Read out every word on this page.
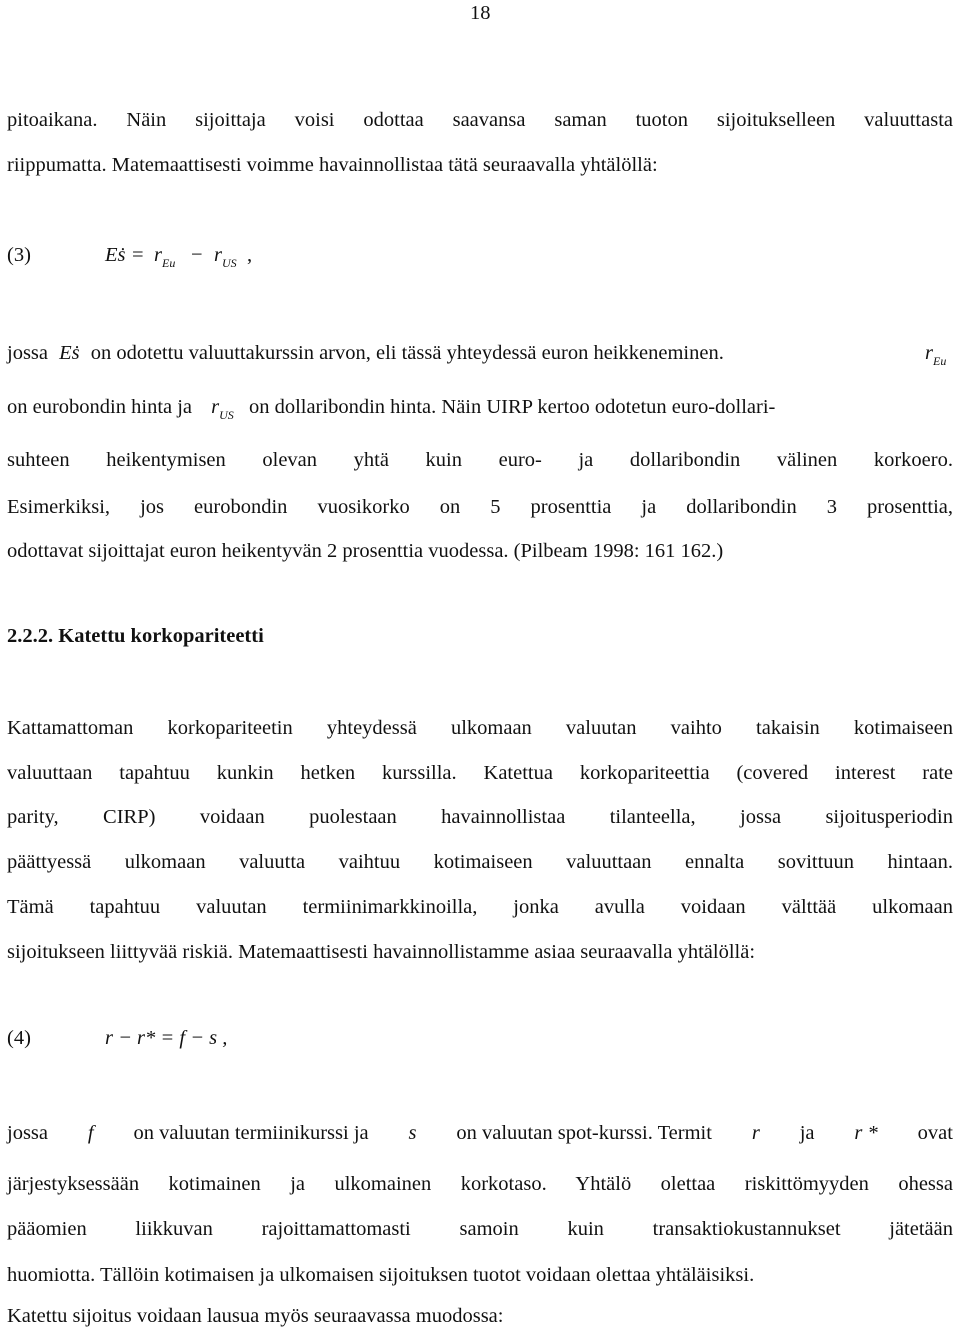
18
pitoaikana. Näin sijoittaja voisi odottaa saavansa saman tuoton sijoitukselleen valuuttasta
riippumatta. Matemaattisesti voimme havainnollistaa tätä seuraavalla yhtälöllä:
(3)	Eṡ = $r_{Eu} - r_{US}$ ,
jossa Eṡ on odotettu valuuttakurssin arvon, eli tässä yhteydessä euron heikkeneminen.	$r_{Eu}$
on eurobondin hinta ja $r_{US}$ on dollaribondin hinta. Näin UIRP kertoo odotetun euro-dollari-
suhteen heikentymisen olevan yhtä kuin euro- ja dollaribondin välinen korkoero.
Esimerkiksi, jos eurobondin vuosikorko on 5 prosenttia ja dollaribondin 3 prosenttia,
odottavat sijoittajat euron heikentyvän 2 prosenttia vuodessa. (Pilbeam 1998: 161 162.)
2.2.2. Katettu korkopariteetti
Kattamattoman korkopariteetin yhteydessä ulkomaan valuutan vaihto takaisin kotimaiseen
valuuttaan tapahtuu kunkin hetken kurssilla. Katettua korkopariteettia (covered interest rate
parity, CIRP) voidaan puolestaan havainnollistaa tilanteella, jossa sijoitusperiodin
päättyessä ulkomaan valuutta vaihtuu kotimaiseen valuuttaan ennalta sovittuun hintaan.
Tämä tapahtuu valuutan termiinimarkkinoilla, jonka avulla voidaan välttää ulkomaan
sijoitukseen liittyvää riskiä. Matemaattisesti havainnollistamme asiaa seuraavalla yhtälöllä:
(4)	r − r* = f − s ,
jossa f on valuutan termiinikurssi ja s on valuutan spot-kurssi. Termit r ja r * ovat
järjestyksessään kotimainen ja ulkomainen korkotaso. Yhtälö olettaa riskittömyyden ohessa
pääomien liikkuvan rajoittamattomasti samoin kuin transaktiokustannukset jätetään
huomiotta. Tällöin kotimaisen ja ulkomaisen sijoituksen tuotot voidaan olettaa yhtäläisiksi.
Katettu sijoitus voidaan lausua myös seuraavassa muodossa:
